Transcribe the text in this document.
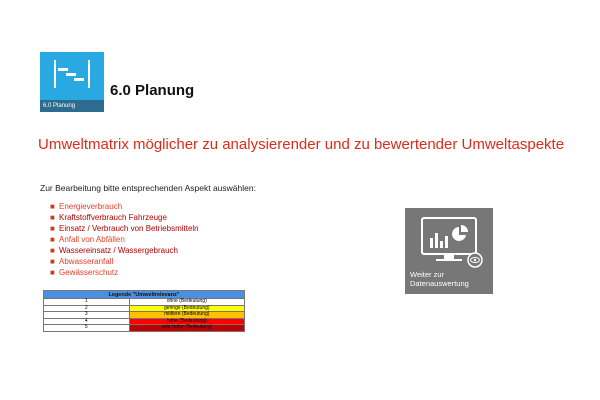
6.0 Planung
6.0 Planung
Umweltmatrix möglicher zu analysierender und zu bewertender Umweltaspekte
Zur Bearbeitung bitte entsprechenden Aspekt auswählen:
■ Energieverbrauch
■ Kraftstoffverbrauch Fahrzeuge
■ Einsatz / Verbrauch von Betriebsmitteln
■ Anfall von Abfällen
■ Wassereinsatz / Wassergebrauch
■ Abwasseranfall
■ Gewässerschutz
Legende "Umweltrelevanz"	
1	ohne (Bedeutung)
2	geringe (Bedeutung)
3	mittlere (Bedeutung)
4	hohe (Bedeutung)
5	sehr hohe (Bedeutung)
Weiter zur
Datenauswertung
